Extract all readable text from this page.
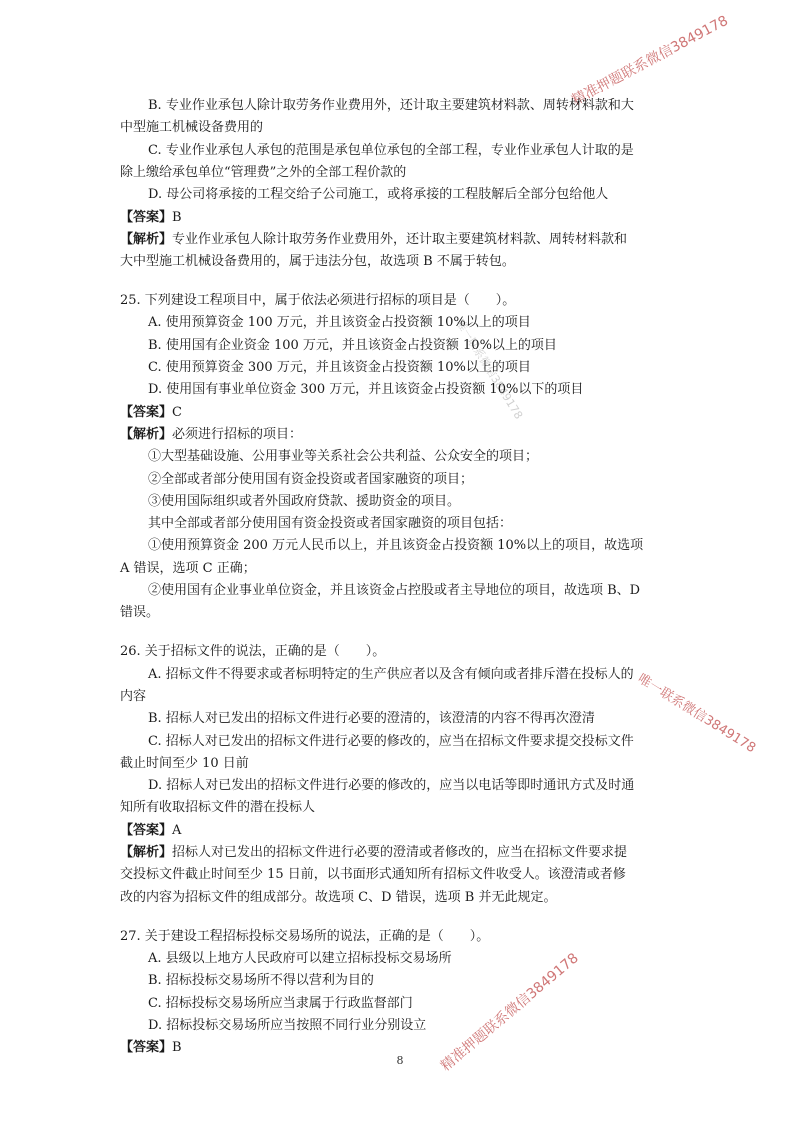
精准押题联系微信3849178
唯一联系微信3849178
唯一联系微信3849178
精准押题联系微信3849178
8
B. 专业作业承包人除计取劳务作业费用外，还计取主要建筑材料款、周转材料款和大
中型施工机械设备费用的
C. 专业作业承包人承包的范围是承包单位承包的全部工程，专业作业承包人计取的是
除上缴给承包单位“管理费”之外的全部工程价款的
D. 母公司将承接的工程交给子公司施工，或将承接的工程肢解后全部分包给他人
【答案】B
【解析】专业作业承包人除计取劳务作业费用外，还计取主要建筑材料款、周转材料款和
大中型施工机械设备费用的，属于违法分包，故选项 B 不属于转包。
25. 下列建设工程项目中，属于依法必须进行招标的项目是（　　）。
A. 使用预算资金 100 万元，并且该资金占投资额 10%以上的项目
B. 使用国有企业资金 100 万元，并且该资金占投资额 10%以上的项目
C. 使用预算资金 300 万元，并且该资金占投资额 10%以上的项目
D. 使用国有事业单位资金 300 万元，并且该资金占投资额 10%以下的项目
【答案】C
【解析】必须进行招标的项目：
①大型基础设施、公用事业等关系社会公共利益、公众安全的项目；
②全部或者部分使用国有资金投资或者国家融资的项目；
③使用国际组织或者外国政府贷款、援助资金的项目。
其中全部或者部分使用国有资金投资或者国家融资的项目包括：
①使用预算资金 200 万元人民币以上，并且该资金占投资额 10%以上的项目，故选项
A 错误，选项 C 正确；
②使用国有企业事业单位资金，并且该资金占控股或者主导地位的项目，故选项 B、D
错误。
26. 关于招标文件的说法，正确的是（　　）。
A. 招标文件不得要求或者标明特定的生产供应者以及含有倾向或者排斥潜在投标人的
内容
B. 招标人对已发出的招标文件进行必要的澄清的，该澄清的内容不得再次澄清
C. 招标人对已发出的招标文件进行必要的修改的，应当在招标文件要求提交投标文件
截止时间至少 10 日前
D. 招标人对已发出的招标文件进行必要的修改的，应当以电话等即时通讯方式及时通
知所有收取招标文件的潜在投标人
【答案】A
【解析】招标人对已发出的招标文件进行必要的澄清或者修改的，应当在招标文件要求提
交投标文件截止时间至少 15 日前，以书面形式通知所有招标文件收受人。该澄清或者修
改的内容为招标文件的组成部分。故选项 C、D 错误，选项 B 并无此规定。
27. 关于建设工程招标投标交易场所的说法，正确的是（　　）。
A. 县级以上地方人民政府可以建立招标投标交易场所
B. 招标投标交易场所不得以营利为目的
C. 招标投标交易场所应当隶属于行政监督部门
D. 招标投标交易场所应当按照不同行业分别设立
【答案】B
